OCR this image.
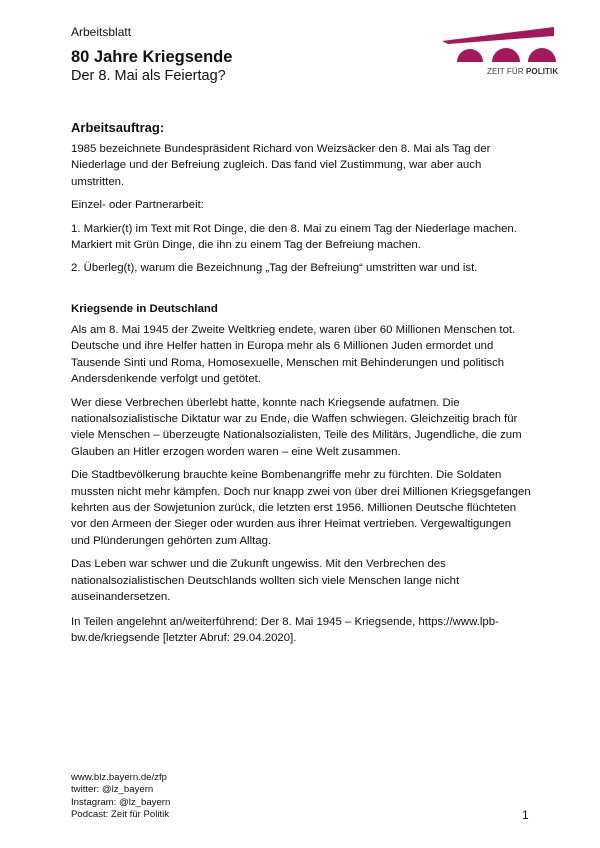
Arbeitsblatt
80 Jahre Kriegsende
Der 8. Mai als Feiertag?	ZEIT FÜR POLITIK
Arbeitsauftrag:

1985 bezeichnete Bundespräsident Richard von Weizsäcker den 8. Mai als Tag der Niederlage und der Befreiung zugleich. Das fand viel Zustimmung, war aber auch umstritten.

Einzel- oder Partnerarbeit:

1. Markier(t) im Text mit Rot Dinge, die den 8. Mai zu einem Tag der Niederlage machen. Markiert mit Grün Dinge, die ihn zu einem Tag der Befreiung machen.

2. Überleg(t), warum die Bezeichnung „Tag der Befreiung“ umstritten war und ist.

Kriegsende in Deutschland

Als am 8. Mai 1945 der Zweite Weltkrieg endete, waren über 60 Millionen Menschen tot. Deutsche und ihre Helfer hatten in Europa mehr als 6 Millionen Juden ermordet und Tausende Sinti und Roma, Homosexuelle, Menschen mit Behinderungen und politisch Andersdenkende verfolgt und getötet.

Wer diese Verbrechen überlebt hatte, konnte nach Kriegsende aufatmen. Die nationalsozialistische Diktatur war zu Ende, die Waffen schwiegen. Gleichzeitig brach für viele Menschen – überzeugte Nationalsozialisten, Teile des Militärs, Jugendliche, die zum Glauben an Hitler erzogen worden waren – eine Welt zusammen.

Die Stadtbevölkerung brauchte keine Bombenangriffe mehr zu fürchten. Die Soldaten mussten nicht mehr kämpfen. Doch nur knapp zwei von über drei Millionen Kriegsgefangen kehrten aus der Sowjetunion zurück, die letzten erst 1956. Millionen Deutsche flüchteten vor den Armeen der Sieger oder wurden aus ihrer Heimat vertrieben. Vergewaltigungen und Plünderungen gehörten zum Alltag.

Das Leben war schwer und die Zukunft ungewiss. Mit den Verbrechen des nationalsozialistischen Deutschlands wollten sich viele Menschen lange nicht auseinandersetzen.

In Teilen angelehnt an/weiterführend: Der 8. Mai 1945 – Kriegsende, https://www.lpb-bw.de/kriegsende [letzter Abruf: 29.04.2020].

www.blz.bayern.de/zfp
twitter: @lz_bayern
Instagram: @lz_bayern
Podcast: Zeit für Politik	1
